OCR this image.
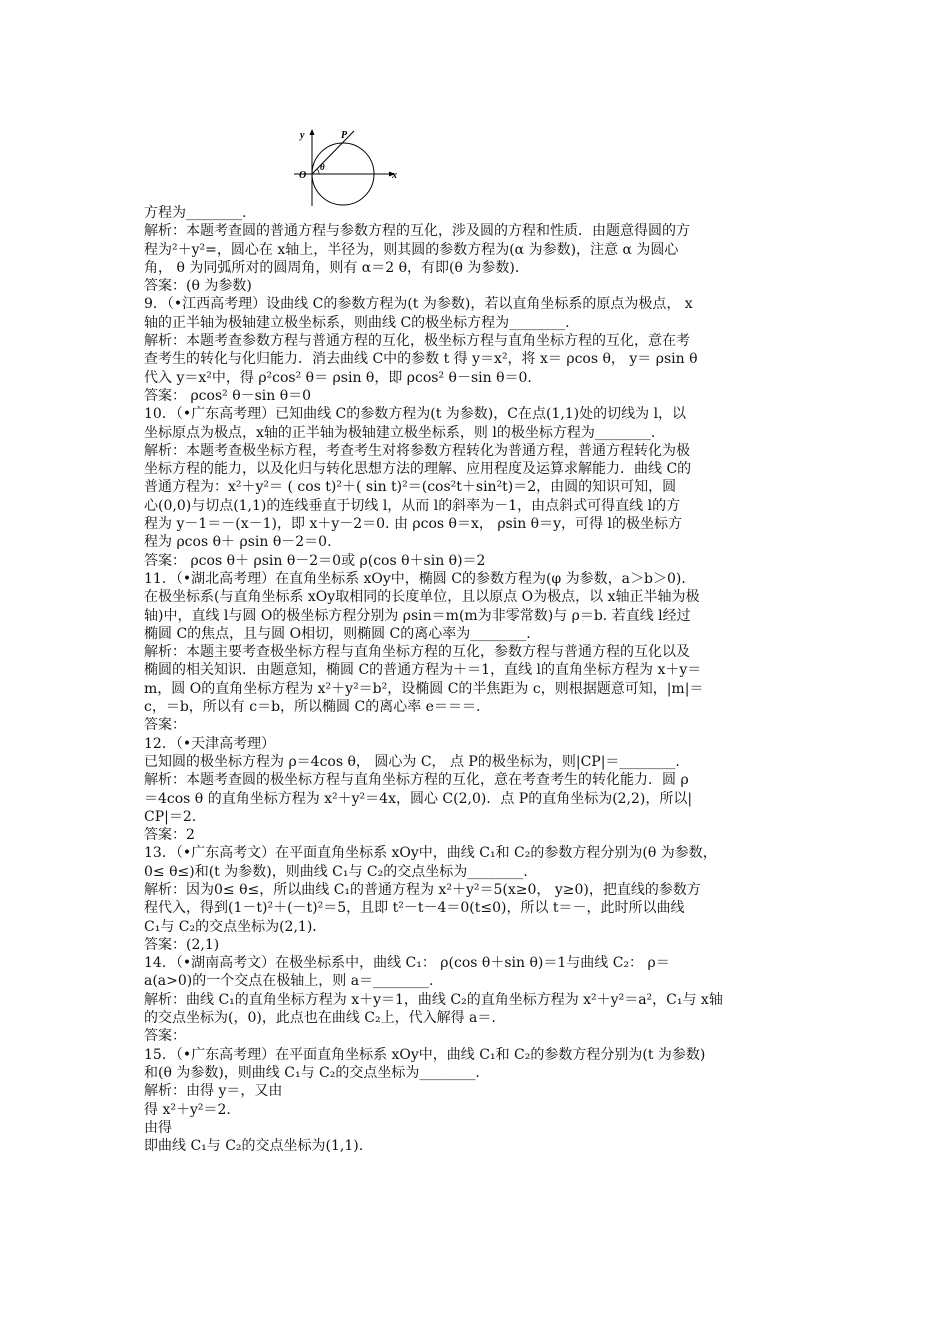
y	P
O
θ
x
方程为________.
解析：本题考查圆的普通方程与参数方程的互化，涉及圆的方程和性质．由题意得圆的方
程为²＋y²=，圆心在 x轴上，半径为，则其圆的参数方程为(α 为参数)，注意 α 为圆心
角， θ 为同弧所对的圆周角，则有 α＝2 θ，有即(θ 为参数)．
答案：(θ 为参数)
9．（•江西高考理）设曲线 C的参数方程为(t 为参数)，若以直角坐标系的原点为极点， x
轴的正半轴为极轴建立极坐标系，则曲线 C的极坐标方程为________.
解析：本题考查参数方程与普通方程的互化，极坐标方程与直角坐标方程的互化，意在考
查考生的转化与化归能力．消去曲线 C中的参数 t 得 y＝x²，将 x＝ ρcos θ， y＝ ρsin θ
代入 y＝x²中，得 ρ²cos² θ＝ ρsin θ，即 ρcos² θ－sin θ＝0.
答案： ρcos² θ－sin θ＝0
10．（•广东高考理）已知曲线 C的参数方程为(t 为参数)，C在点(1,1)处的切线为 l，以
坐标原点为极点，x轴的正半轴为极轴建立极坐标系，则 l的极坐标方程为________.
解析：本题考查极坐标方程，考查考生对将参数方程转化为普通方程，普通方程转化为极
坐标方程的能力，以及化归与转化思想方法的理解、应用程度及运算求解能力．曲线 C的
普通方程为：x²＋y²＝ ( cos t)²＋( sin t)²＝(cos²t＋sin²t)＝2，由圆的知识可知，圆
心(0,0)与切点(1,1)的连线垂直于切线 l，从而 l的斜率为－1，由点斜式可得直线 l的方
程为 y－1＝－(x－1)，即 x＋y－2＝0. 由 ρcos θ＝x， ρsin θ＝y，可得 l的极坐标方
程为 ρcos θ＋ ρsin θ－2＝0.
答案： ρcos θ＋ ρsin θ－2＝0或 ρ(cos θ＋sin θ)＝2
11．（•湖北高考理）在直角坐标系 xOy中，椭圆 C的参数方程为(φ 为参数，a＞b＞0)．
在极坐标系(与直角坐标系 xOy取相同的长度单位，且以原点 O为极点，以 x轴正半轴为极
轴)中，直线 l与圆 O的极坐标方程分别为 ρsin＝m(m为非零常数)与 ρ＝b. 若直线 l经过
椭圆 C的焦点，且与圆 O相切，则椭圆 C的离心率为________.
解析：本题主要考查极坐标方程与直角坐标方程的互化，参数方程与普通方程的互化以及
椭圆的相关知识．由题意知，椭圆 C的普通方程为＋＝1，直线 l的直角坐标方程为 x＋y＝
m，圆 O的直角坐标方程为 x²＋y²＝b²，设椭圆 C的半焦距为 c，则根据题意可知，|m|＝
c，＝b，所以有 c＝b，所以椭圆 C的离心率 e＝＝＝.
答案：
12．（•天津高考理）
已知圆的极坐标方程为 ρ＝4cos θ， 圆心为 C， 点 P的极坐标为，则|CP|＝________.
解析：本题考查圆的极坐标方程与直角坐标方程的互化，意在考查考生的转化能力．圆 ρ
＝4cos θ 的直角坐标方程为 x²＋y²＝4x，圆心 C(2,0)．点 P的直角坐标为(2,2)，所以|
CP|＝2.
答案：2
13．（•广东高考文）在平面直角坐标系 xOy中，曲线 C₁和 C₂的参数方程分别为(θ 为参数，
0≤ θ≤)和(t 为参数)，则曲线 C₁与 C₂的交点坐标为________.
解析：因为0≤ θ≤，所以曲线 C₁的普通方程为 x²＋y²＝5(x≥0， y≥0)，把直线的参数方
程代入，得到(1－t)²＋(－t)²＝5，且即 t²－t－4＝0(t≤0)，所以 t＝－，此时所以曲线
C₁与 C₂的交点坐标为(2,1)．
答案：(2,1)
14．（•湖南高考文）在极坐标系中，曲线 C₁： ρ(cos θ＋sin θ)＝1与曲线 C₂： ρ＝
a(a>0)的一个交点在极轴上，则 a＝________.
解析：曲线 C₁的直角坐标方程为 x＋y＝1，曲线 C₂的直角坐标方程为 x²＋y²＝a²，C₁与 x轴
的交点坐标为(，0)，此点也在曲线 C₂上，代入解得 a＝.
答案：
15．（•广东高考理）在平面直角坐标系 xOy中，曲线 C₁和 C₂的参数方程分别为(t 为参数)
和(θ 为参数)，则曲线 C₁与 C₂的交点坐标为________.
解析：由得 y＝，又由
得 x²＋y²＝2.
由得
即曲线 C₁与 C₂的交点坐标为(1,1).
